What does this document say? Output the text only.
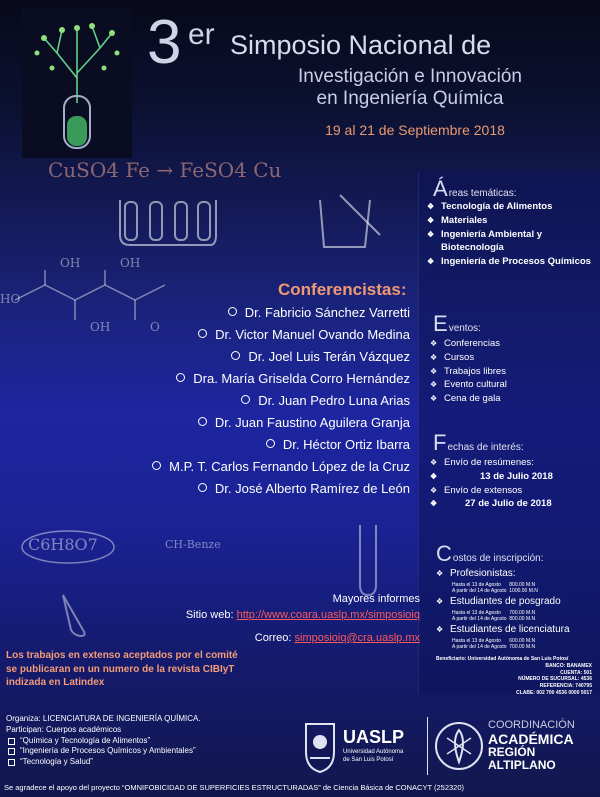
3 er Simposio Nacional de
Investigación e Innovación
en Ingeniería Química
19 al 21 de Septiembre 2018
CuSO4 Fe → FeSO4 Cu
HO
OH
OH
OH	O
C6H8O7	CH-Benze
Áreas temáticas:
❖ Tecnología de Alimentos
❖ Materiales
❖ Ingeniería Ambiental y Biotecnología
❖ Ingeniería de Procesos Químicos
Eventos:
❖ Conferencias
❖ Cursos
❖ Trabajos libres
❖ Evento cultural
❖ Cena de gala
Fechas de interés:
❖ Envío de resúmenes:
❖ 13 de Julio 2018
❖ Envío de extensos
❖ 27 de Julio de 2018
Costos de inscripción:
❖ Profesionistas:
Hasta el 13 de Agosto 800.00 M.N
A partir del 14 de Agosto 1000.00 M.N
❖ Estudiantes de posgrado
Hasta el 13 de Agosto 700.00 M.N
A partir del 14 de Agosto 800.00 M.N
❖ Estudiantes de licenciatura
Hasta el 13 de Agosto 600.00 M.N
A partir del 14 de Agosto 700.00 M.N
Beneficiario: Universidad Autónoma de San Luis Potosí
BANCO: BANAMEX
CUENTA: 501
NÚMERO DE SUCURSAL: 4536
REFERENCIA: 740795
CLABE: 002 700 4536 0000 5017
Conferencistas:
Dr. Fabricio Sánchez Varretti
Dr. Victor Manuel Ovando Medina
Dr. Joel Luis Terán Vázquez
Dra. María Griselda Corro Hernández
Dr. Juan Pedro Luna Arias
Dr. Juan Faustino Aguilera Granja
Dr. Héctor Ortiz Ibarra
M.P. T. Carlos Fernando López de la Cruz
Dr. José Alberto Ramírez de León
Mayores informes
Sitio web: http://www.coara.uaslp.mx/simposioiq
Correo: simposioiq@cra.uaslp.mx
Los trabajos en extenso aceptados por el comité se publicaran en un numero de la revista CIBIyT indizada en Latindex
Organiza: LICENCIATURA DE INGENIERÍA QUÍMICA.
Participan: Cuerpos académicos
“Química y Tecnología de Alimentos”
“Ingeniería de Procesos Químicos y Ambientales”
“Tecnología y Salud”
UASLP
Universidad Autónoma
de San Luis Potosí
COORDINACIÓN
ACADÉMICA
REGIÓN ALTIPLANO
Se agradece el apoyo del proyecto “OMNIFOBICIDAD DE SUPERFICIES ESTRUCTURADAS” de Ciencia Básica de CONACYT (252320)
